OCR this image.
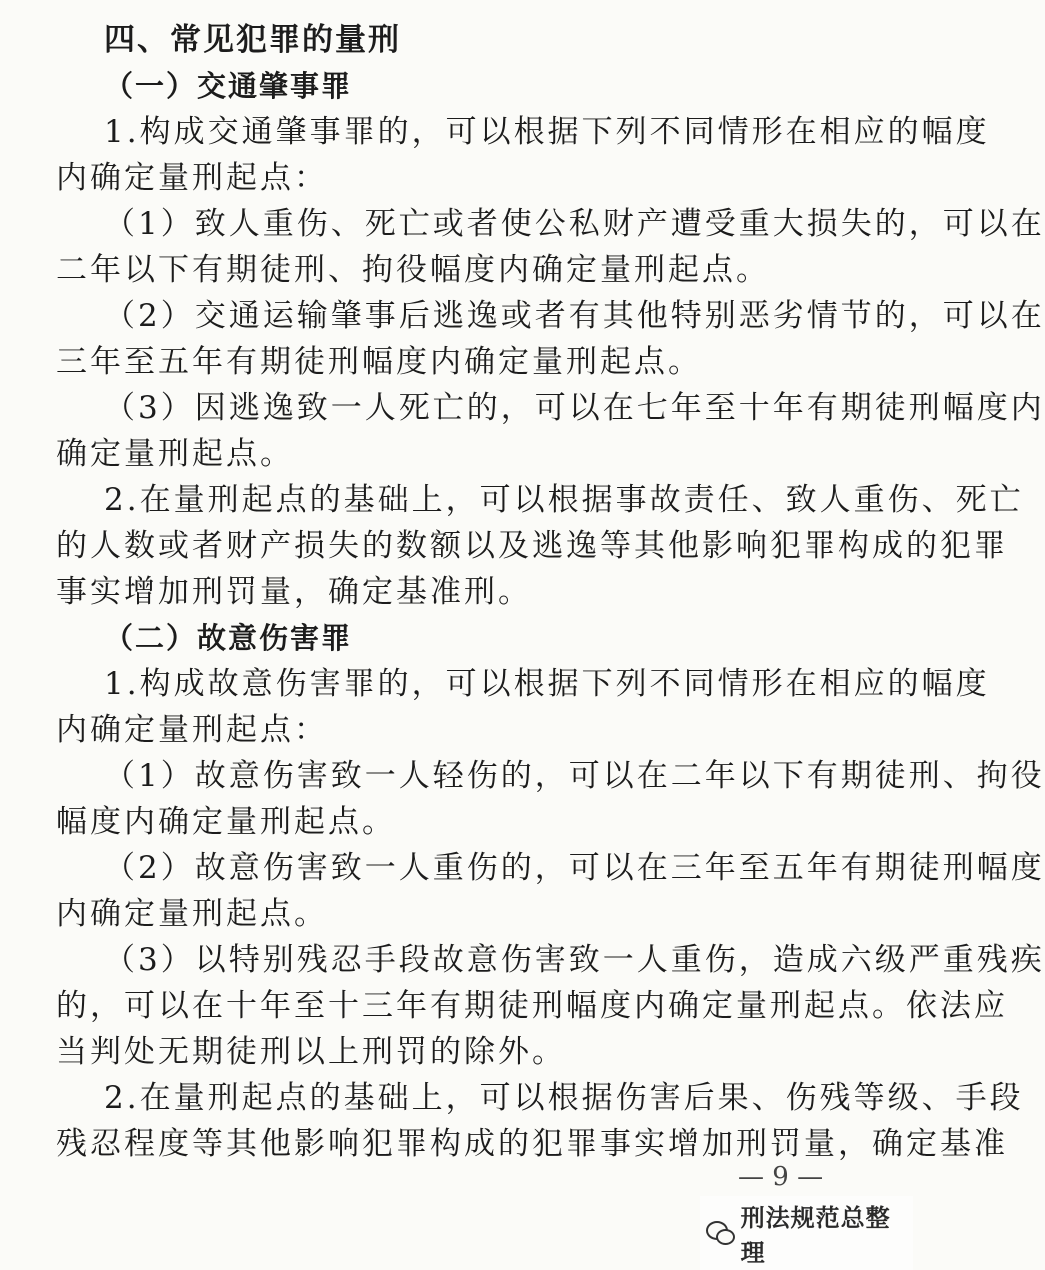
四、常见犯罪的量刑
（一）交通肇事罪
1.构成交通肇事罪的，可以根据下列不同情形在相应的幅度
内确定量刑起点：
（1）致人重伤、死亡或者使公私财产遭受重大损失的，可以在
二年以下有期徒刑、拘役幅度内确定量刑起点。
（2）交通运输肇事后逃逸或者有其他特别恶劣情节的，可以在
三年至五年有期徒刑幅度内确定量刑起点。
（3）因逃逸致一人死亡的，可以在七年至十年有期徒刑幅度内
确定量刑起点。
2.在量刑起点的基础上，可以根据事故责任、致人重伤、死亡
的人数或者财产损失的数额以及逃逸等其他影响犯罪构成的犯罪
事实增加刑罚量，确定基准刑。
（二）故意伤害罪
1.构成故意伤害罪的，可以根据下列不同情形在相应的幅度
内确定量刑起点：
（1）故意伤害致一人轻伤的，可以在二年以下有期徒刑、拘役
幅度内确定量刑起点。
（2）故意伤害致一人重伤的，可以在三年至五年有期徒刑幅度
内确定量刑起点。
（3）以特别残忍手段故意伤害致一人重伤，造成六级严重残疾
的，可以在十年至十三年有期徒刑幅度内确定量刑起点。依法应
当判处无期徒刑以上刑罚的除外。
2.在量刑起点的基础上，可以根据伤害后果、伤残等级、手段
残忍程度等其他影响犯罪构成的犯罪事实增加刑罚量，确定基准
— 9 —
刑法规范总整理
